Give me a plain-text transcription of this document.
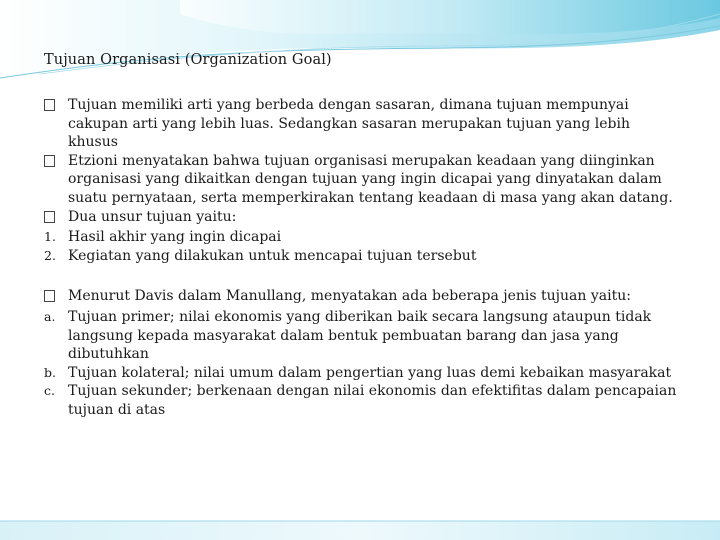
Tujuan Organisasi (Organization Goal)
Tujuan memiliki arti yang berbeda dengan sasaran, dimana tujuan mempunyai cakupan arti yang lebih luas. Sedangkan sasaran merupakan tujuan yang lebih khusus
Etzioni menyatakan bahwa tujuan organisasi merupakan keadaan yang diinginkan organisasi yang dikaitkan dengan tujuan yang ingin dicapai yang dinyatakan dalam suatu pernyataan, serta memperkirakan tentang keadaan di masa yang akan datang.
Dua unsur tujuan yaitu:
1. Hasil akhir yang ingin dicapai
2. Kegiatan yang dilakukan untuk mencapai tujuan tersebut
Menurut Davis dalam Manullang, menyatakan ada beberapa jenis tujuan yaitu:
a. Tujuan primer; nilai ekonomis yang diberikan baik secara langsung ataupun tidak langsung kepada masyarakat dalam bentuk pembuatan barang dan jasa yang dibutuhkan
b. Tujuan kolateral; nilai umum dalam pengertian yang luas demi kebaikan masyarakat
c. Tujuan sekunder; berkenaan dengan nilai ekonomis dan efektifitas dalam pencapaian tujuan di atas
